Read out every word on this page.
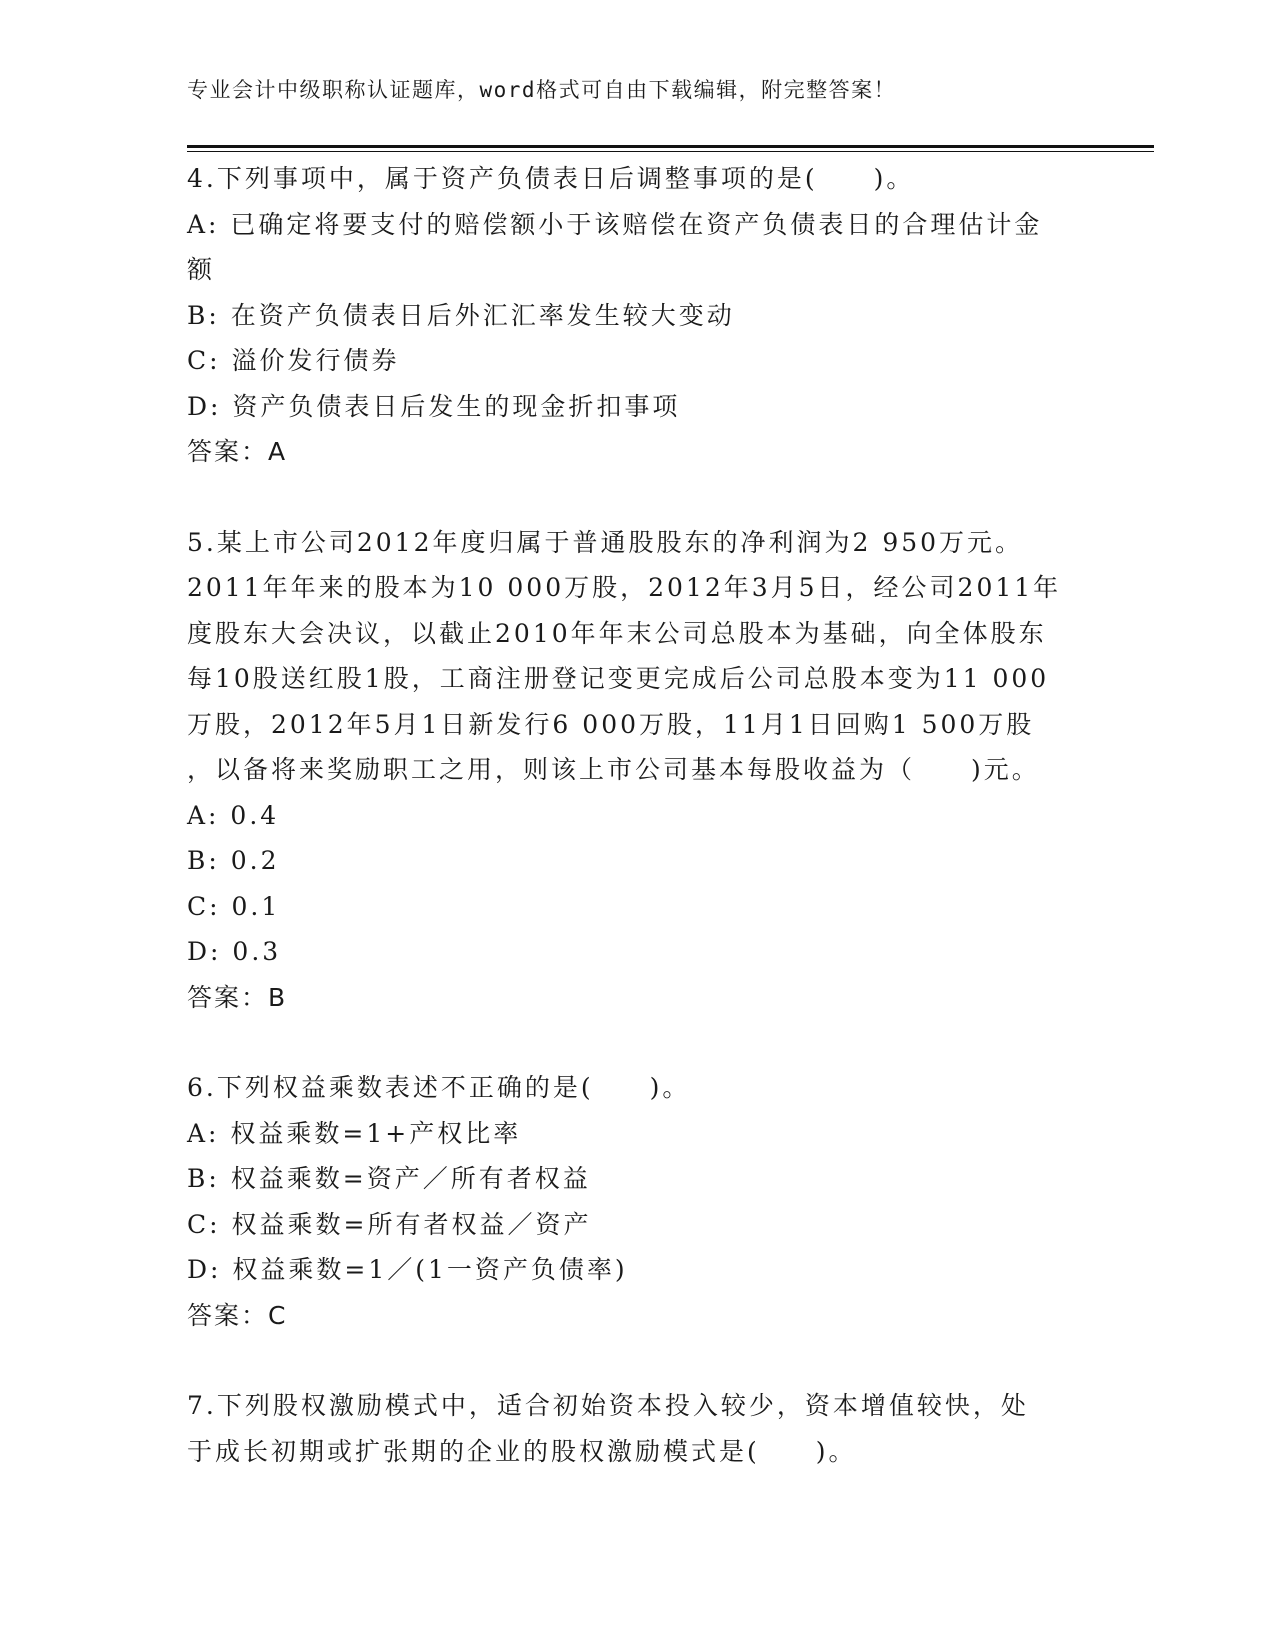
专业会计中级职称认证题库，word格式可自由下载编辑，附完整答案！
4.下列事项中，属于资产负债表日后调整事项的是(　　)。
A: 已确定将要支付的赔偿额小于该赔偿在资产负债表日的合理估计金
额
B: 在资产负债表日后外汇汇率发生较大变动
C: 溢价发行债券
D: 资产负债表日后发生的现金折扣事项
答案：A
5.某上市公司2012年度归属于普通股股东的净利润为2 950万元。
2011年年来的股本为10 000万股，2012年3月5日，经公司2011年
度股东大会决议，以截止2010年年末公司总股本为基础，向全体股东
每10股送红股1股，工商注册登记变更完成后公司总股本变为11 000
万股，2012年5月1日新发行6 000万股，11月1日回购1 500万股
，以备将来奖励职工之用，则该上市公司基本每股收益为（　　)元。
A: 0.4
B: 0.2
C: 0.1
D: 0.3
答案：B
6.下列权益乘数表述不正确的是(　　)。
A: 权益乘数=1+产权比率
B: 权益乘数=资产／所有者权益
C: 权益乘数=所有者权益／资产
D: 权益乘数=1／(1一资产负债率)
答案：C
7.下列股权激励模式中，适合初始资本投入较少，资本增值较快，处
于成长初期或扩张期的企业的股权激励模式是(　　)。
